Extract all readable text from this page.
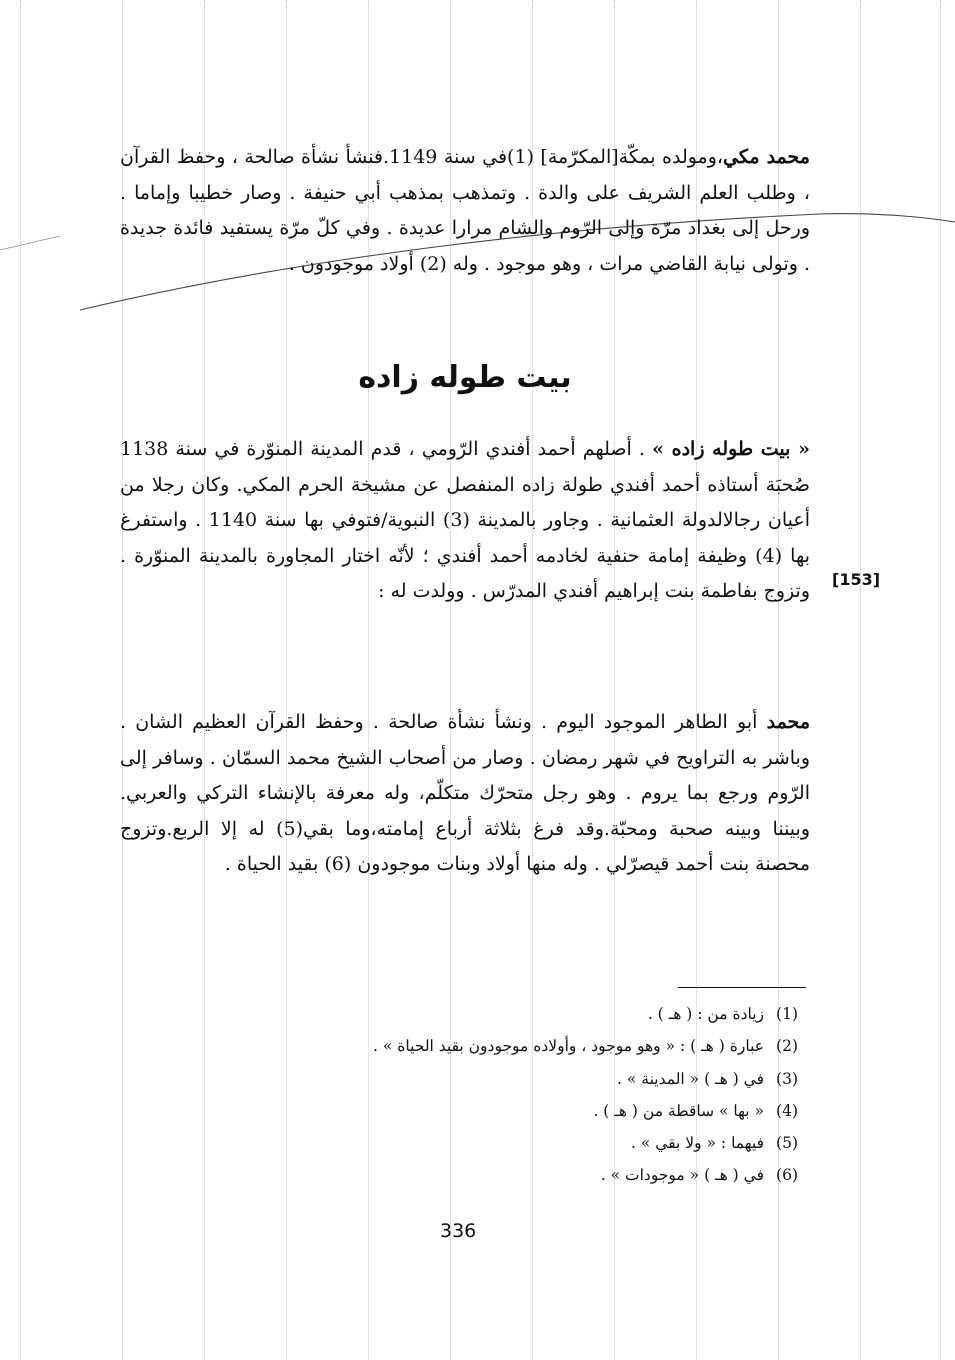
محمد مكي،ومولده بمكّة[المكرّمة] (1)في سنة 1149.فنشأ نشأة صالحة ، وحفظ القرآن ، وطلب العلم الشريف على والدة . وتمذهب بمذهب أبي حنيفة . وصار خطيبا وإماما . ورحل إلى بغداد مرّة وإلى الرّوم والشام مرارا عديدة . وفي كلّ مرّة يستفيد فائدة جديدة . وتولى نيابة القاضي مرات ، وهو موجود . وله (2) أولاد موجودون .
بيت طوله زاده
« بيت طوله زاده » . أصلهم أحمد أفندي الرّومي ، قدم المدينة المنوّرة في سنة 1138 صُحبَة أستاذه أحمد أفندي طولة زاده المنفصل عن مشيخة الحرم المكي. وكان رجلا من أعيان رجالالدولة العثمانية . وجاور بالمدينة (3) النبوية/فتوفي بها سنة 1140 . واستفرغ بها (4) وظيفة إمامة حنفية لخادمه أحمد أفندي ؛ لأنّه اختار المجاورة بالمدينة المنوّرة . وتزوج بفاطمة بنت إبراهيم أفندي المدرّس . وولدت له :
[153]
محمد أبو الطاهر الموجود اليوم . ونشأ نشأة صالحة . وحفظ القرآن العظيم الشان . وباشر به التراويح في شهر رمضان . وصار من أصحاب الشيخ محمد السمّان . وسافر إلى الرّوم ورجع بما يروم . وهو رجل متحرّك متكلّم، وله معرفة بالإنشاء التركي والعربي. وبيننا وبينه صحبة ومحبّة.وقد فرغ بثلاثة أرباع إمامته،وما بقي(5) له إلا الربع.وتزوج محصنة بنت أحمد قيصرّلي . وله منها أولاد وبنات موجودون (6) بقيد الحياة .
(1)زيادة من : ( هـ ) .
(2)عبارة ( هـ ) : « وهو موجود ، وأولاده موجودون بقيد الحياة » .
(3)في ( هـ ) « المدينة » .
(4)« بها » ساقطة من ( هـ ) .
(5)فيهما : « ولا بقي » .
(6)في ( هـ ) « موجودات » .
336
